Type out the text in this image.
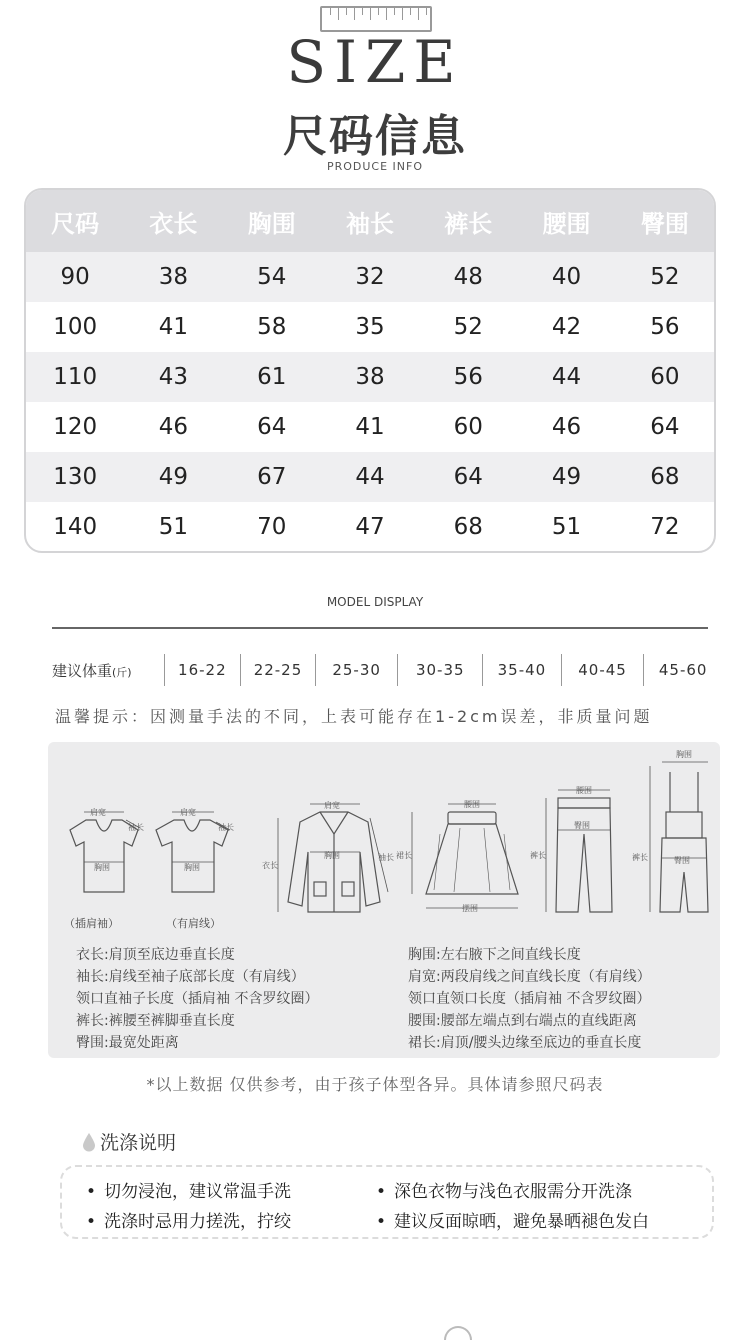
SIZE
尺码信息
PRODUCE INFO
尺码	衣长	胸围	袖长	裤长	腰围	臀围
90	38	54	32	48	40	52
100	41	58	35	52	42	56
110	43	61	38	56	44	60
120	46	64	41	60	46	64
130	49	67	44	64	49	68
140	51	70	47	68	51	72
MODEL DISPLAY
建议体重(斤)	16-22	22-25	25-30	30-35	35-40	40-45	45-60
温馨提示：因测量手法的不同，上表可能存在1-2cm误差，非质量问题
肩宽
袖长
胸围
（插肩袖）
肩宽
袖长
胸围
（有肩线）
肩宽
衣长
胸围	袖长
腰围
裙长
摆围
腰围
臀围
裤长
胸围
裤长	臀围
衣长:肩顶至底边垂直长度
袖长:肩线至袖子底部长度（有肩线）
领口直袖子长度（插肩袖 不含罗纹圈）
裤长:裤腰至裤脚垂直长度
臀围:最宽处距离
胸围:左右腋下之间直线长度
肩宽:两段肩线之间直线长度（有肩线）
领口直领口长度（插肩袖 不含罗纹圈）
腰围:腰部左端点到右端点的直线距离
裙长:肩顶/腰头边缘至底边的垂直长度
*以上数据 仅供参考，由于孩子体型各异。具体请参照尺码表
洗涤说明
• 切勿浸泡，建议常温手洗	• 深色衣物与浅色衣服需分开洗涤
• 洗涤时忌用力搓洗，拧绞	• 建议反面晾晒，避免暴晒褪色发白
